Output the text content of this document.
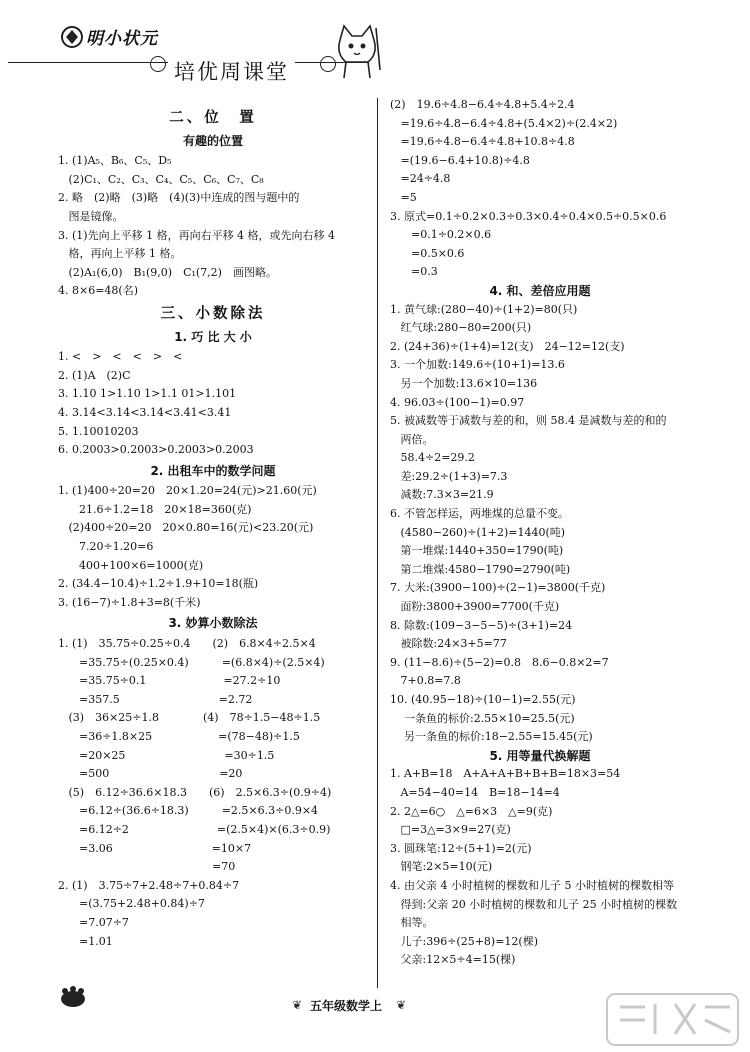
明小状元
培优周课堂
二、位　置
有趣的位置
1. (1)A₅、B₆、C₅、D₅
(2)C₁、C₂、C₃、C₄、C₅、C₆、C₇、C₈
2. 略　(2)略　(3)略　(4)(3)中连成的图与题中的
图是镜像。
3. (1)先向上平移 1 格，再向右平移 4 格，或先向右移 4
格，再向上平移 1 格。
(2)A₁(6,0)　B₁(9,0)　C₁(7,2)　画图略。
4. 8×6=48(名)
三、小数除法
1. 巧 比 大 小
1. <　>　<　<　>　<
2. (1)A　(2)C
3. 1.10 1>1.10 1>1.1 01>1.101
4. 3.14<3.14<3.14<3.41<3.41
5. 1.10010203
6. 0.2003>0.2003>0.2003>0.2003
2. 出租车中的数学问题
1. (1)400÷20=20　20×1.20=24(元)>21.60(元)
21.6÷1.2=18　20×18=360(克)
(2)400÷20=20　20×0.80=16(元)<23.20(元)
7.20÷1.20=6
400+100×6=1000(克)
2. (34.4−10.4)÷1.2÷1.9+10=18(瓶)
3. (16−7)÷1.8+3=8(千米)
3. 妙算小数除法
1. (1)　35.75÷0.25÷0.4　　(2)　6.8×4÷2.5×4
=35.75÷(0.25×0.4)　　　=(6.8×4)÷(2.5×4)
=35.75÷0.1　　　　　　　=27.2÷10
=357.5　　　　　　　　　=2.72
(3)　36×25÷1.8　　　　(4)　78÷1.5−48÷1.5
=36÷1.8×25　　　　　　=(78−48)÷1.5
=20×25　　　　　　　　　=30÷1.5
=500　　　　　　　　　　=20
(5)　6.12÷36.6×18.3　　(6)　2.5×6.3÷(0.9÷4)
=6.12÷(36.6÷18.3)　　　=2.5×6.3÷0.9×4
=6.12÷2　　　　　　　　=(2.5×4)×(6.3÷0.9)
=3.06　　　　　　　　　=10×7
　　　　　　　　　　　　　　=70
2. (1)　3.75÷7+2.48÷7+0.84÷7
=(3.75+2.48+0.84)÷7
=7.07÷7
=1.01
(2)　19.6÷4.8−6.4÷4.8+5.4÷2.4
=19.6÷4.8−6.4÷4.8+(5.4×2)÷(2.4×2)
=19.6÷4.8−6.4÷4.8+10.8÷4.8
=(19.6−6.4+10.8)÷4.8
=24÷4.8
=5
3. 原式=0.1÷0.2×0.3÷0.3×0.4÷0.4×0.5÷0.5×0.6
=0.1÷0.2×0.6
=0.5×0.6
=0.3
4. 和、差倍应用题
1. 黄气球:(280−40)÷(1+2)=80(只)
红气球:280−80=200(只)
2. (24+36)÷(1+4)=12(支)　24−12=12(支)
3. 一个加数:149.6÷(10+1)=13.6
另一个加数:13.6×10=136
4. 96.03÷(100−1)=0.97
5. 被减数等于减数与差的和，则 58.4 是减数与差的和的
两倍。
58.4÷2=29.2
差:29.2÷(1+3)=7.3
减数:7.3×3=21.9
6. 不管怎样运，两堆煤的总量不变。
(4580−260)÷(1+2)=1440(吨)
第一堆煤:1440+350=1790(吨)
第二堆煤:4580−1790=2790(吨)
7. 大米:(3900−100)÷(2−1)=3800(千克)
面粉:3800+3900=7700(千克)
8. 除数:(109−3−5−5)÷(3+1)=24
被除数:24×3+5=77
9. (11−8.6)÷(5−2)=0.8　8.6−0.8×2=7
7+0.8=7.8
10. (40.95−18)÷(10−1)=2.55(元)
一条鱼的标价:2.55×10=25.5(元)
另一条鱼的标价:18−2.55=15.45(元)
5. 用等量代换解题
1. A+B=18　A+A+A+B+B+B=18×3=54
A=54−40=14　B=18−14=4
2. 2△=6○　△=6×3　△=9(克)
□=3△=3×9=27(克)
3. 圆珠笔:12÷(5+1)=2(元)
钢笔:2×5=10(元)
4. 由父亲 4 小时植树的棵数和儿子 5 小时植树的棵数相等
得到:父亲 20 小时植树的棵数和儿子 25 小时植树的棵数
相等。
儿子:396÷(25+8)=12(棵)
父亲:12×5÷4=15(棵)
❦ 五年级数学上 ❦
